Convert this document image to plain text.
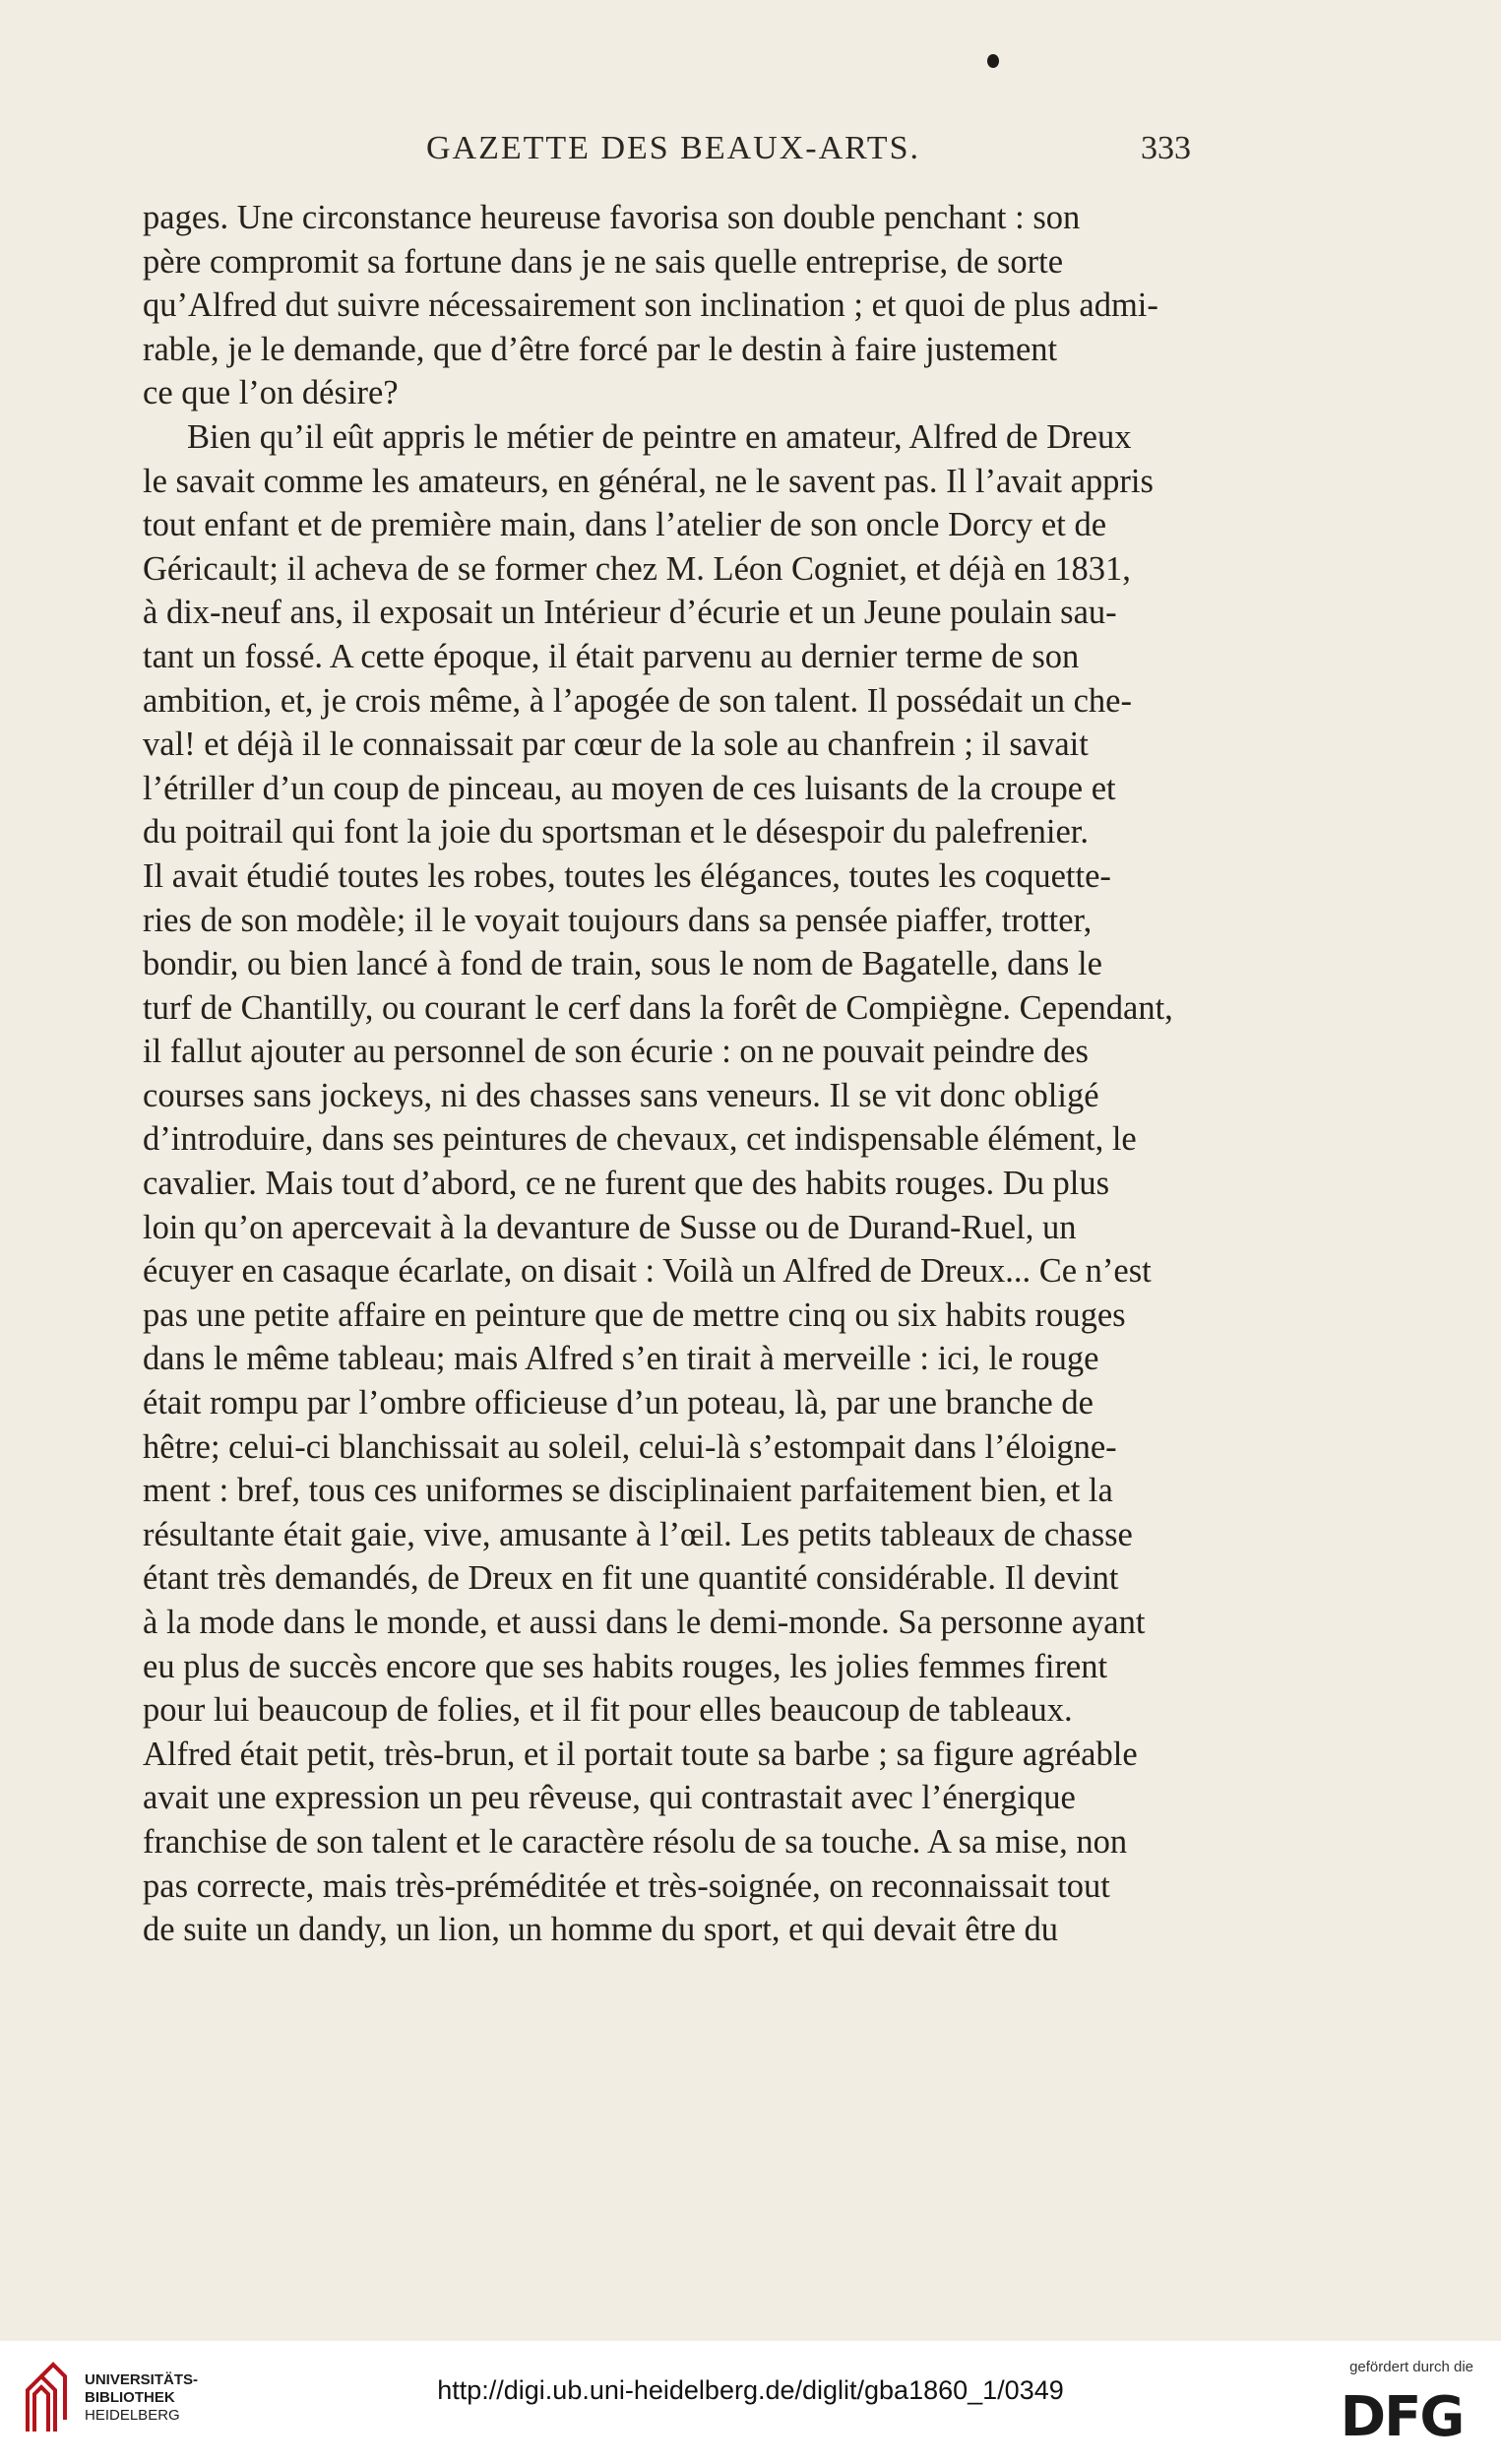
GAZETTE DES BEAUX-ARTS.	333
pages. Une circonstance heureuse favorisa son double penchant : son
père compromit sa fortune dans je ne sais quelle entreprise, de sorte
qu’Alfred dut suivre nécessairement son inclination ; et quoi de plus admi-
rable, je le demande, que d’être forcé par le destin à faire justement
ce que l’on désire?
Bien qu’il eût appris le métier de peintre en amateur, Alfred de Dreux
le savait comme les amateurs, en général, ne le savent pas. Il l’avait appris
tout enfant et de première main, dans l’atelier de son oncle Dorcy et de
Géricault; il acheva de se former chez M. Léon Cogniet, et déjà en 1831,
à dix-neuf ans, il exposait un Intérieur d’écurie et un Jeune poulain sau-
tant un fossé. A cette époque, il était parvenu au dernier terme de son
ambition, et, je crois même, à l’apogée de son talent. Il possédait un che-
val! et déjà il le connaissait par cœur de la sole au chanfrein ; il savait
l’étriller d’un coup de pinceau, au moyen de ces luisants de la croupe et
du poitrail qui font la joie du sportsman et le désespoir du palefrenier.
Il avait étudié toutes les robes, toutes les élégances, toutes les coquette-
ries de son modèle; il le voyait toujours dans sa pensée piaffer, trotter,
bondir, ou bien lancé à fond de train, sous le nom de Bagatelle, dans le
turf de Chantilly, ou courant le cerf dans la forêt de Compiègne. Cependant,
il fallut ajouter au personnel de son écurie : on ne pouvait peindre des
courses sans jockeys, ni des chasses sans veneurs. Il se vit donc obligé
d’introduire, dans ses peintures de chevaux, cet indispensable élément, le
cavalier. Mais tout d’abord, ce ne furent que des habits rouges. Du plus
loin qu’on apercevait à la devanture de Susse ou de Durand-Ruel, un
écuyer en casaque écarlate, on disait : Voilà un Alfred de Dreux... Ce n’est
pas une petite affaire en peinture que de mettre cinq ou six habits rouges
dans le même tableau; mais Alfred s’en tirait à merveille : ici, le rouge
était rompu par l’ombre officieuse d’un poteau, là, par une branche de
hêtre; celui-ci blanchissait au soleil, celui-là s’estompait dans l’éloigne-
ment : bref, tous ces uniformes se disciplinaient parfaitement bien, et la
résultante était gaie, vive, amusante à l’œil. Les petits tableaux de chasse
étant très demandés, de Dreux en fit une quantité considérable. Il devint
à la mode dans le monde, et aussi dans le demi-monde. Sa personne ayant
eu plus de succès encore que ses habits rouges, les jolies femmes firent
pour lui beaucoup de folies, et il fit pour elles beaucoup de tableaux.
Alfred était petit, très-brun, et il portait toute sa barbe ; sa figure agréable
avait une expression un peu rêveuse, qui contrastait avec l’énergique
franchise de son talent et le caractère résolu de sa touche. A sa mise, non
pas correcte, mais très-préméditée et très-soignée, on reconnaissait tout
de suite un dandy, un lion, un homme du sport, et qui devait être du
UNIVERSITÄTS-
BIBLIOTHEK
HEIDELBERG
http://digi.ub.uni-heidelberg.de/diglit/gba1860_1/0349
gefördert durch die
DFG
